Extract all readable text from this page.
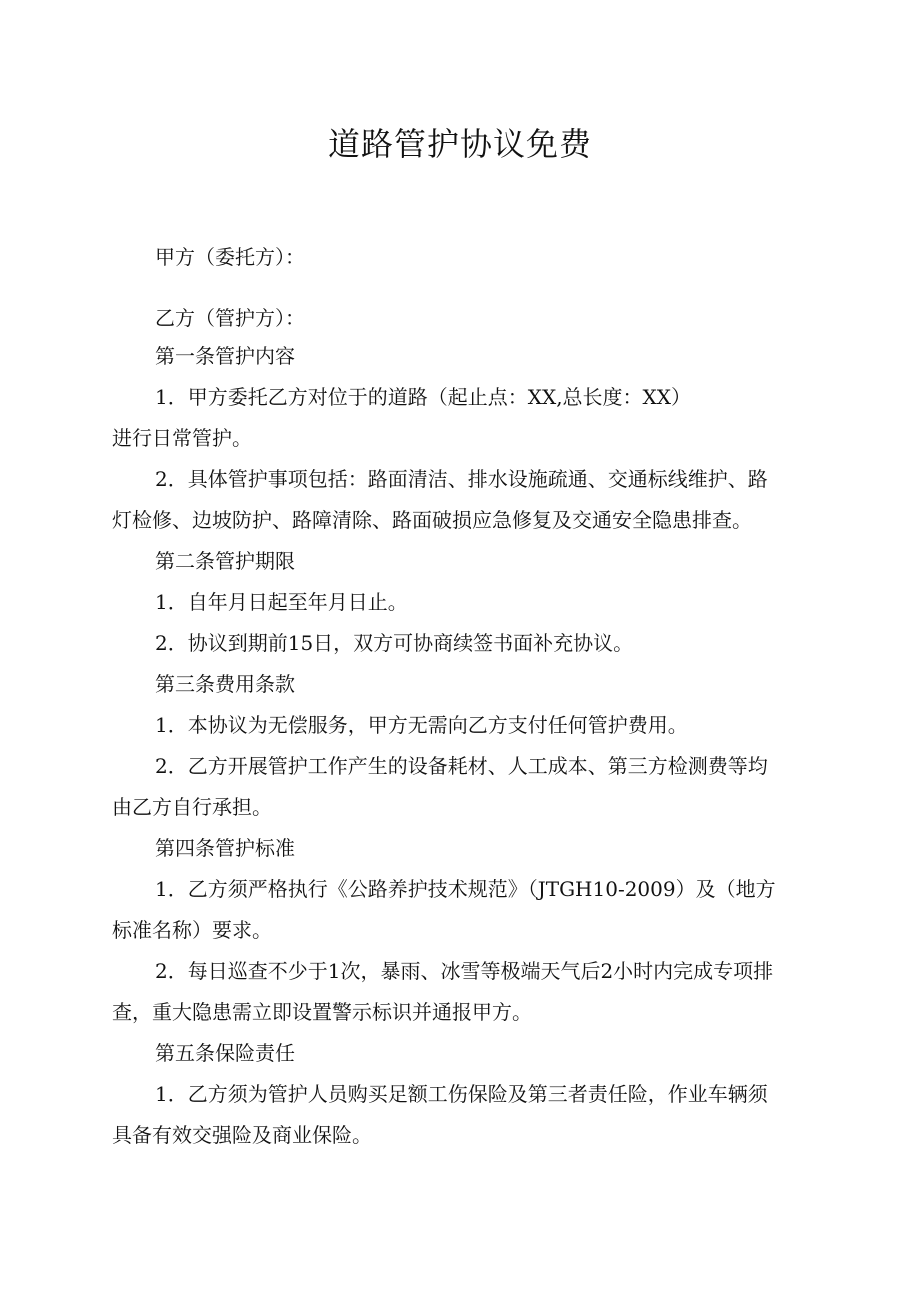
道路管护协议免费
甲方（委托方）：
乙方（管护方）：
第一条管护内容
1．甲方委托乙方对位于的道路（起止点：XX,总长度：XX）
进行日常管护。
2．具体管护事项包括：路面清洁、排水设施疏通、交通标线维护、路
灯检修、边坡防护、路障清除、路面破损应急修复及交通安全隐患排查。
第二条管护期限
1．自年月日起至年月日止。
2．协议到期前15日，双方可协商续签书面补充协议。
第三条费用条款
1．本协议为无偿服务，甲方无需向乙方支付任何管护费用。
2．乙方开展管护工作产生的设备耗材、人工成本、第三方检测费等均
由乙方自行承担。
第四条管护标准
1．乙方须严格执行《公路养护技术规范》（JTGH10-2009）及（地方
标准名称）要求。
2．每日巡查不少于1次，暴雨、冰雪等极端天气后2小时内完成专项排
查，重大隐患需立即设置警示标识并通报甲方。
第五条保险责任
1．乙方须为管护人员购买足额工伤保险及第三者责任险，作业车辆须
具备有效交强险及商业保险。
